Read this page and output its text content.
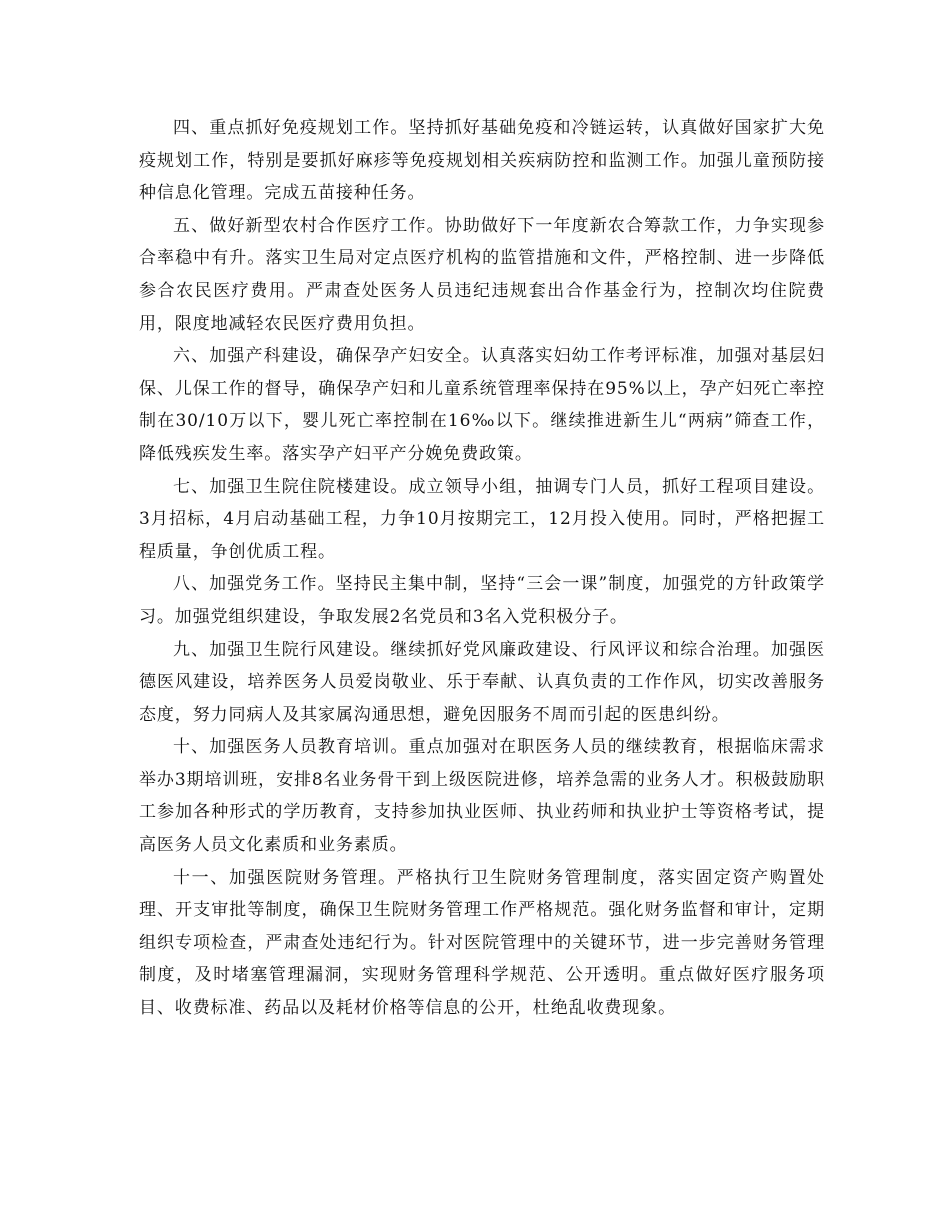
四、重点抓好免疫规划工作。坚持抓好基础免疫和冷链运转，认真做好国家扩大免疫规划工作，特别是要抓好麻疹等免疫规划相关疾病防控和监测工作。加强儿童预防接种信息化管理。完成五苗接种任务。

五、做好新型农村合作医疗工作。协助做好下一年度新农合筹款工作，力争实现参合率稳中有升。落实卫生局对定点医疗机构的监管措施和文件，严格控制、进一步降低参合农民医疗费用。严肃查处医务人员违纪违规套出合作基金行为，控制次均住院费用，限度地减轻农民医疗费用负担。

六、加强产科建设，确保孕产妇安全。认真落实妇幼工作考评标准，加强对基层妇保、儿保工作的督导，确保孕产妇和儿童系统管理率保持在95%以上，孕产妇死亡率控制在30/10万以下，婴儿死亡率控制在16‰以下。继续推进新生儿“两病”筛查工作，降低残疾发生率。落实孕产妇平产分娩免费政策。

七、加强卫生院住院楼建设。成立领导小组，抽调专门人员，抓好工程项目建设。3月招标，4月启动基础工程，力争10月按期完工，12月投入使用。同时，严格把握工程质量，争创优质工程。

八、加强党务工作。坚持民主集中制，坚持“三会一课”制度，加强党的方针政策学习。加强党组织建设，争取发展2名党员和3名入党积极分子。

九、加强卫生院行风建设。继续抓好党风廉政建设、行风评议和综合治理。加强医德医风建设，培养医务人员爱岗敬业、乐于奉献、认真负责的工作作风，切实改善服务态度，努力同病人及其家属沟通思想，避免因服务不周而引起的医患纠纷。

十、加强医务人员教育培训。重点加强对在职医务人员的继续教育，根据临床需求举办3期培训班，安排8名业务骨干到上级医院进修，培养急需的业务人才。积极鼓励职工参加各种形式的学历教育，支持参加执业医师、执业药师和执业护士等资格考试，提高医务人员文化素质和业务素质。

十一、加强医院财务管理。严格执行卫生院财务管理制度，落实固定资产购置处理、开支审批等制度，确保卫生院财务管理工作严格规范。强化财务监督和审计，定期组织专项检查，严肃查处违纪行为。针对医院管理中的关键环节，进一步完善财务管理制度，及时堵塞管理漏洞，实现财务管理科学规范、公开透明。重点做好医疗服务项目、收费标准、药品以及耗材价格等信息的公开，杜绝乱收费现象。
